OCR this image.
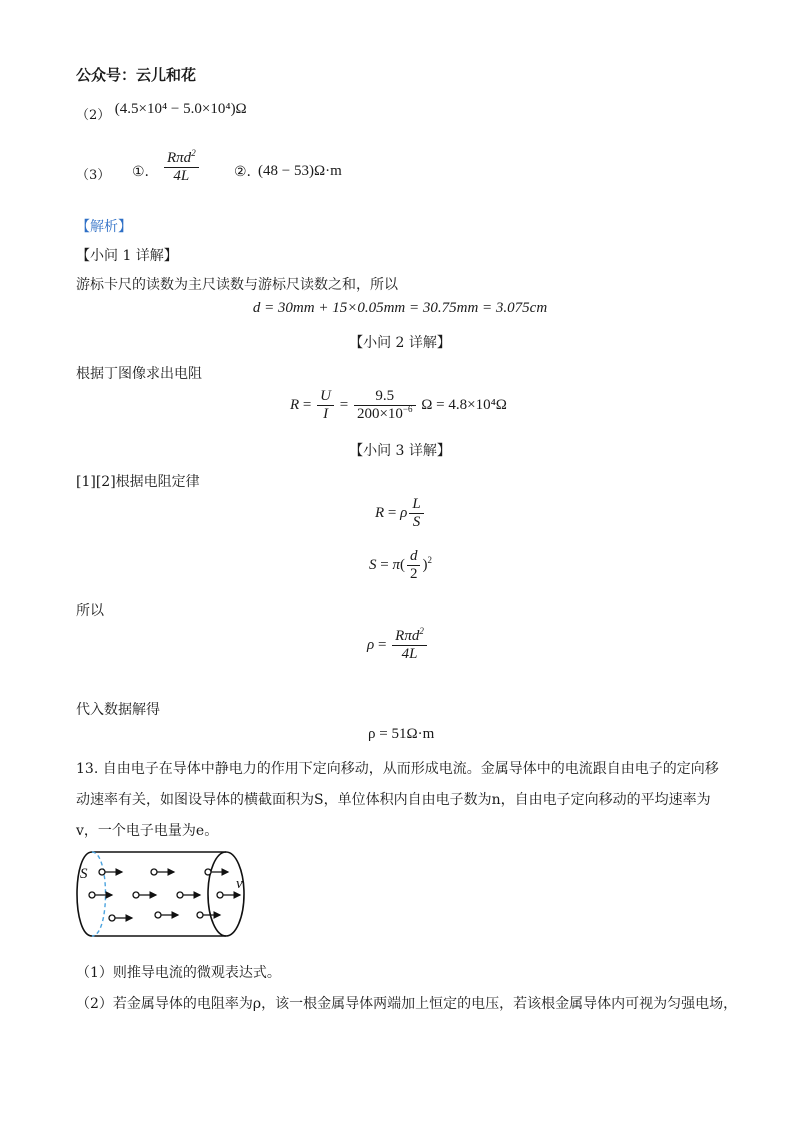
公众号：云儿和花
（2） (4.5×10⁴ − 5.0×10⁴)Ω
（3） ①.
Rπd$^2$
4L	②. (48 − 53)Ω·m
【解析】
【小问 1 详解】
游标卡尺的读数为主尺读数与游标尺读数之和，所以
d = 30mm + 15×0.05mm = 30.75mm = 3.075cm
【小问 2 详解】
根据丁图像求出电阻
$R = \frac{U}{I} = \frac{9.5}{200\times 10^{-6}}$ Ω = 4.8×10⁴Ω
【小问 3 详解】
[1][2]根据电阻定律
R = ρ $\frac{L}{S}$
$S = \pi( \frac{d}{2} )^2$
所以
$\rho = \frac{R\pi d^2}{4L}$
代入数据解得
ρ = 51Ω·m
13. 自由电子在导体中静电力的作用下定向移动，从而形成电流。金属导体中的电流跟自由电子的定向移
动速率有关，如图设导体的横截面积为S，单位体积内自由电子数为n，自由电子定向移动的平均速率为
v，一个电子电量为e。
S
v
（1）则推导电流的微观表达式。
（2）若金属导体的电阻率为ρ，该一根金属导体两端加上恒定的电压，若该根金属导体内可视为匀强电场，
